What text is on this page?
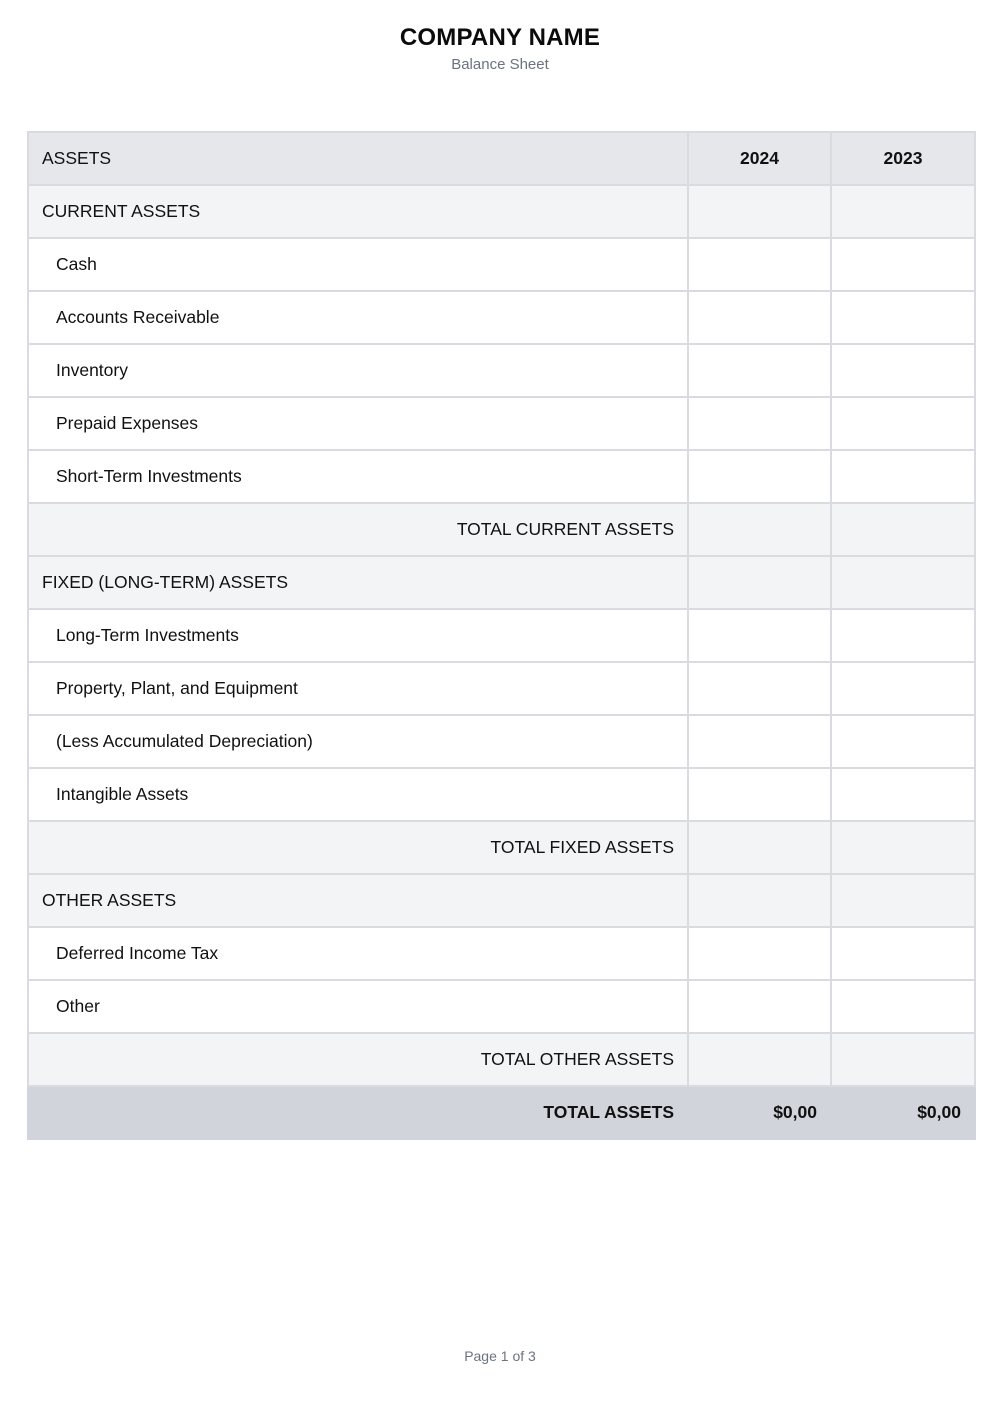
COMPANY NAME
Balance Sheet
ASSETS	2024	2023
CURRENT ASSETS		
Cash		
Accounts Receivable		
Inventory		
Prepaid Expenses		
Short-Term Investments		
TOTAL CURRENT ASSETS		
FIXED (LONG-TERM) ASSETS		
Long-Term Investments		
Property, Plant, and Equipment		
(Less Accumulated Depreciation)		
Intangible Assets		
TOTAL FIXED ASSETS		
OTHER ASSETS		
Deferred Income Tax		
Other		
TOTAL OTHER ASSETS		
TOTAL ASSETS	$0,00	$0,00
Page 1 of 3
